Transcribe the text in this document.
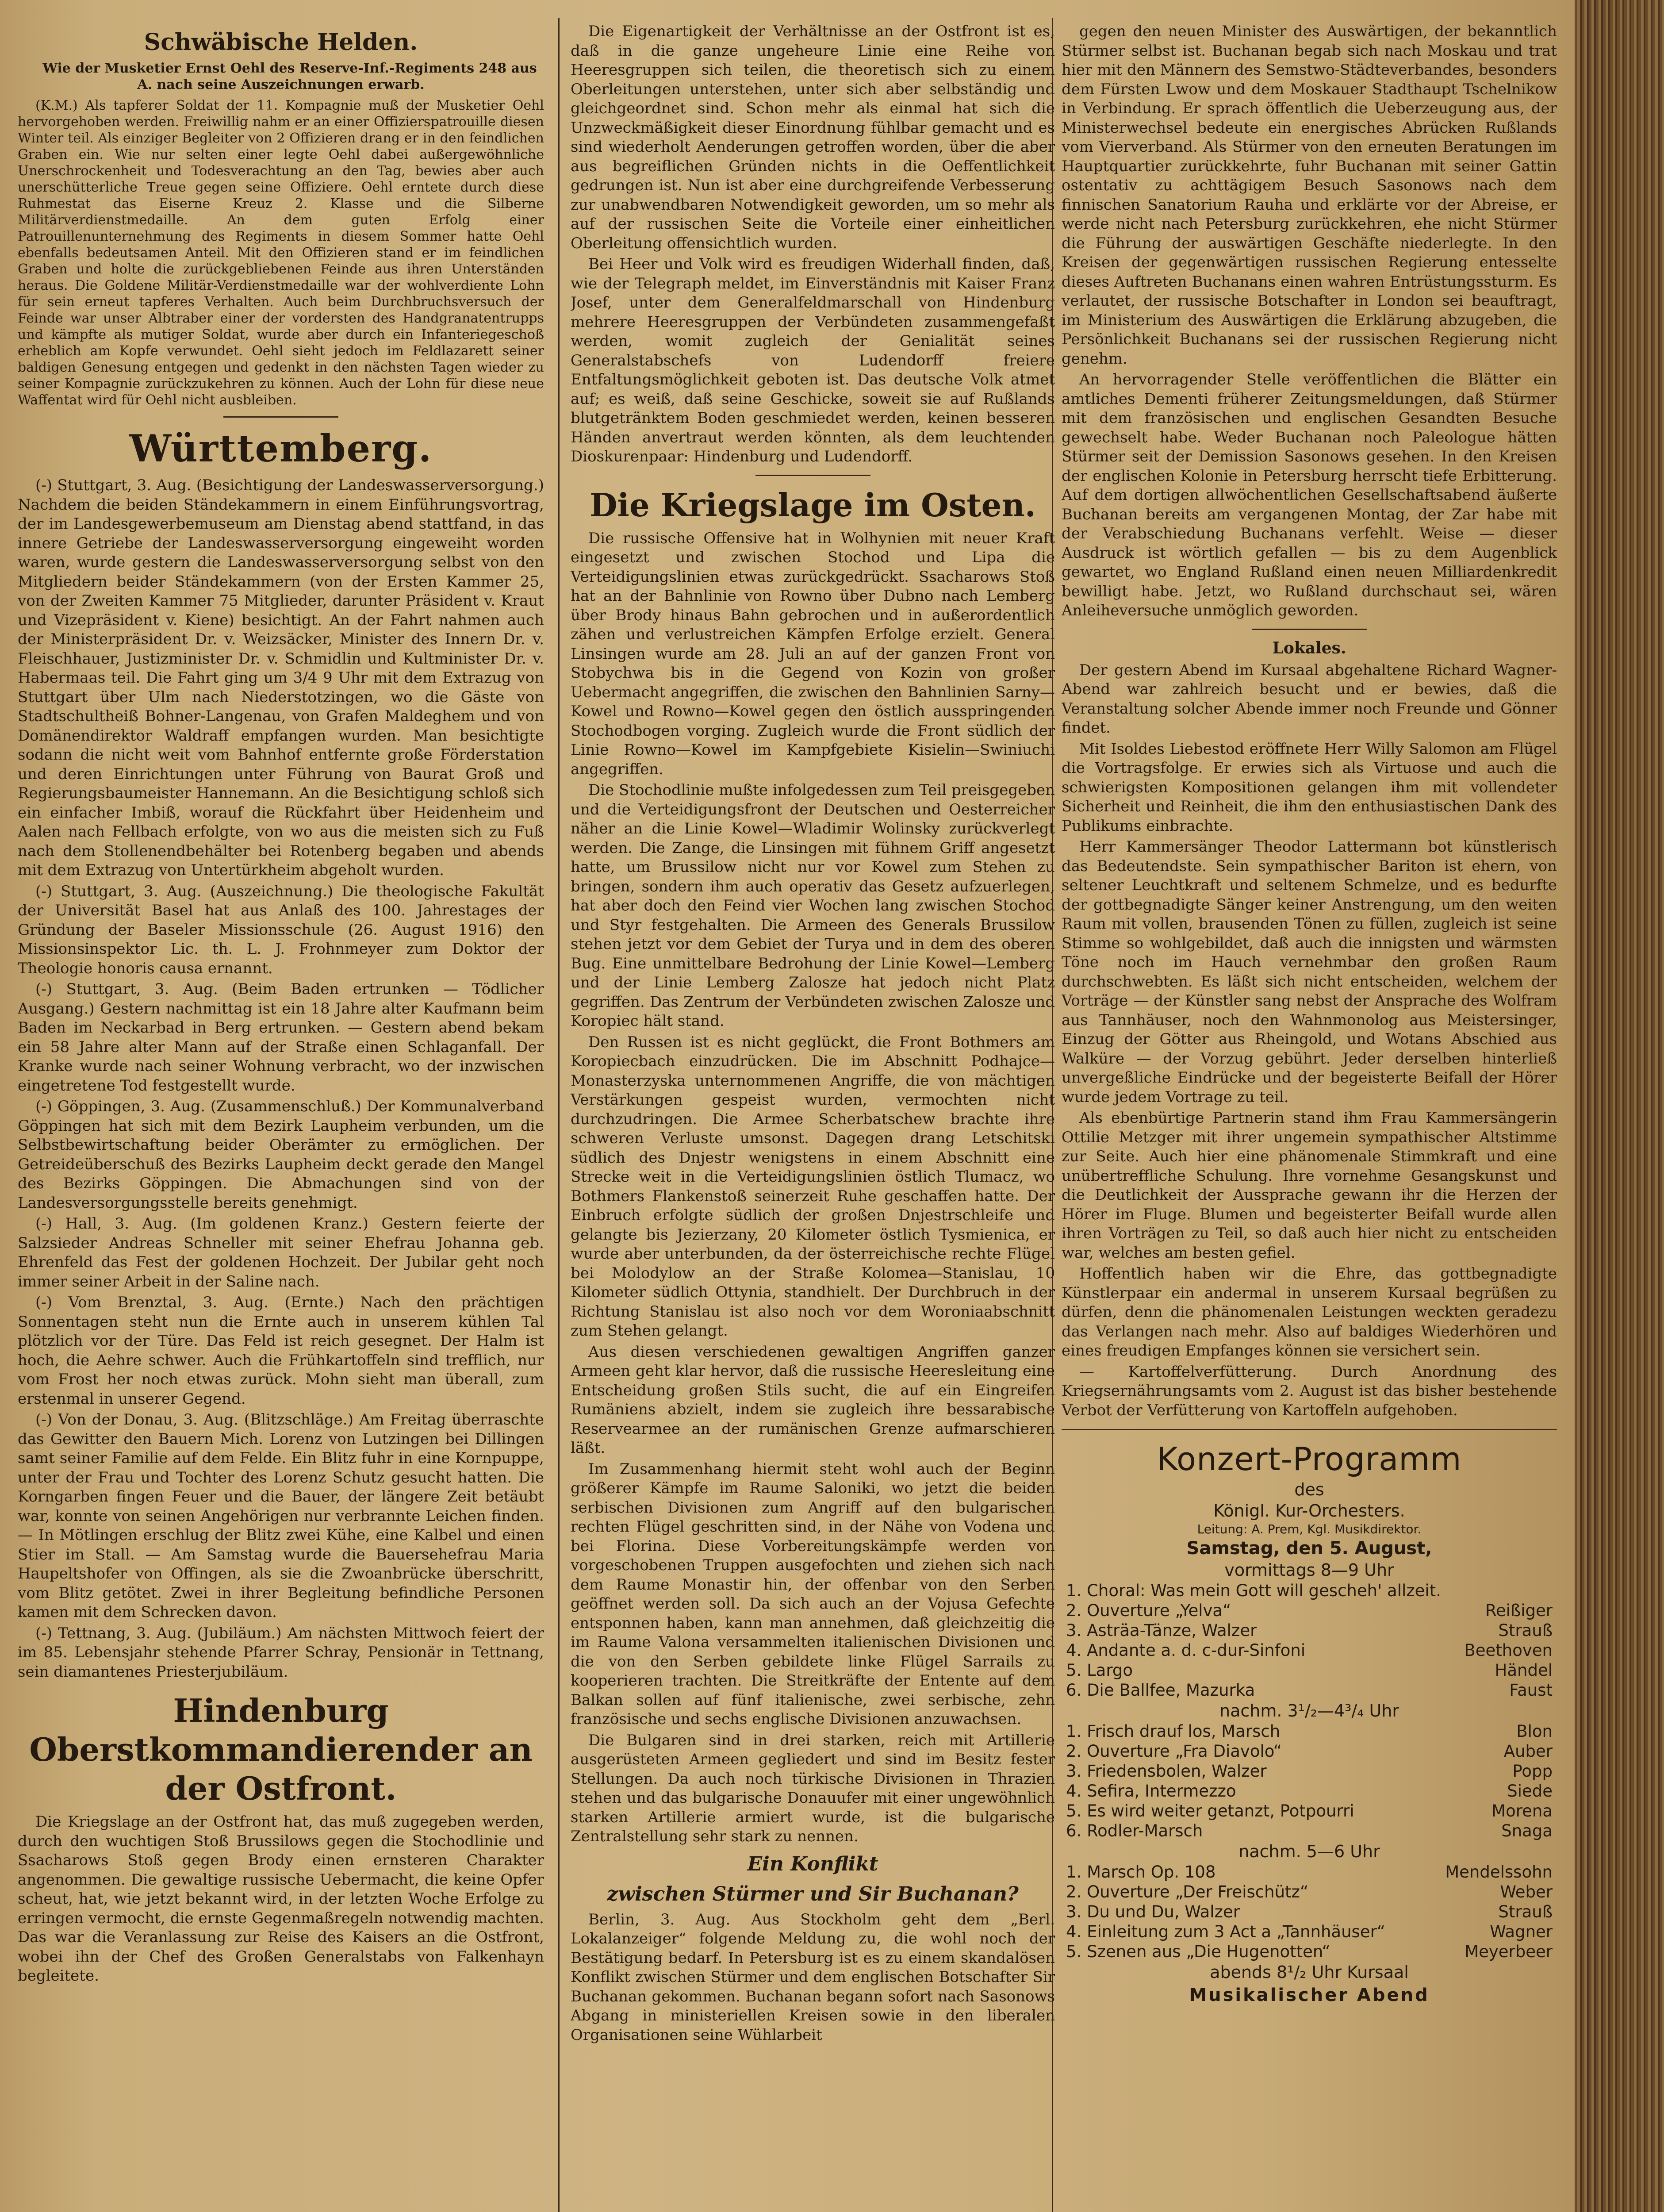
Schwäbische Helden.

Wie der Musketier Ernst Oehl des Reserve-Inf.-Regiments 248 aus A. nach seine Auszeichnungen erwarb.

(K.M.) Als tapferer Soldat der 11. Kompagnie muß der Musketier Oehl hervorgehoben werden. Freiwillig nahm er an einer Offizierspatrouille diesen Winter teil. Als einziger Begleiter von 2 Offizieren drang er in den feindlichen Graben ein. Wie nur selten einer legte Oehl dabei außergewöhnliche Unerschrockenheit und Todesverachtung an den Tag, bewies aber auch unerschütterliche Treue gegen seine Offiziere. Oehl erntete durch diese Ruhmestat das Eiserne Kreuz 2. Klasse und die Silberne Militärverdienstmedaille. An dem guten Erfolg einer Patrouillenunternehmung des Regiments in diesem Sommer hatte Oehl ebenfalls bedeutsamen Anteil. Mit den Offizieren stand er im feindlichen Graben und holte die zurückgebliebenen Feinde aus ihren Unterständen heraus. Die Goldene Militär-Verdienstmedaille war der wohlverdiente Lohn für sein erneut tapferes Verhalten. Auch beim Durchbruchsversuch der Feinde war unser Albtraber einer der vordersten des Handgranatentrupps und kämpfte als mutiger Soldat, wurde aber durch ein Infanteriegeschoß erheblich am Kopfe verwundet. Oehl sieht jedoch im Feldlazarett seiner baldigen Genesung entgegen und gedenkt in den nächsten Tagen wieder zu seiner Kompagnie zurückzukehren zu können. Auch der Lohn für diese neue Waffentat wird für Oehl nicht ausbleiben.

Württemberg.

(-) Stuttgart, 3. Aug. (Besichtigung der Landeswasserversorgung.) Nachdem die beiden Ständekammern in einem Einführungsvortrag, der im Landesgewerbemuseum am Dienstag abend stattfand, in das innere Getriebe der Landeswasserversorgung eingeweiht worden waren, wurde gestern die Landeswasserversorgung selbst von den Mitgliedern beider Ständekammern (von der Ersten Kammer 25, von der Zweiten Kammer 75 Mitglieder, darunter Präsident v. Kraut und Vizepräsident v. Kiene) besichtigt. An der Fahrt nahmen auch der Ministerpräsident Dr. v. Weizsäcker, Minister des Innern Dr. v. Fleischhauer, Justizminister Dr. v. Schmidlin und Kultminister Dr. v. Habermaas teil. Die Fahrt ging um 3/4 9 Uhr mit dem Extrazug von Stuttgart über Ulm nach Niederstotzingen, wo die Gäste von Stadtschultheiß Bohner-Langenau, von Grafen Maldeghem und von Domänendirektor Waldraff empfangen wurden. Man besichtigte sodann die nicht weit vom Bahnhof entfernte große Förderstation und deren Einrichtungen unter Führung von Baurat Groß und Regierungsbaumeister Hannemann. An die Besichtigung schloß sich ein einfacher Imbiß, worauf die Rückfahrt über Heidenheim und Aalen nach Fellbach erfolgte, von wo aus die meisten sich zu Fuß nach dem Stollenendbehälter bei Rotenberg begaben und abends mit dem Extrazug von Untertürkheim abgeholt wurden.

(-) Stuttgart, 3. Aug. (Auszeichnung.) Die theologische Fakultät der Universität Basel hat aus Anlaß des 100. Jahrestages der Gründung der Baseler Missionsschule (26. August 1916) den Missionsinspektor Lic. th. L. J. Frohnmeyer zum Doktor der Theologie honoris causa ernannt.

(-) Stuttgart, 3. Aug. (Beim Baden ertrunken — Tödlicher Ausgang.) Gestern nachmittag ist ein 18 Jahre alter Kaufmann beim Baden im Neckarbad in Berg ertrunken. — Gestern abend bekam ein 58 Jahre alter Mann auf der Straße einen Schlaganfall. Der Kranke wurde nach seiner Wohnung verbracht, wo der inzwischen eingetretene Tod festgestellt wurde.

(-) Göppingen, 3. Aug. (Zusammenschluß.) Der Kommunalverband Göppingen hat sich mit dem Bezirk Laupheim verbunden, um die Selbstbewirtschaftung beider Oberämter zu ermöglichen. Der Getreideüberschuß des Bezirks Laupheim deckt gerade den Mangel des Bezirks Göppingen. Die Abmachungen sind von der Landesversorgungsstelle bereits genehmigt.

(-) Hall, 3. Aug. (Im goldenen Kranz.) Gestern feierte der Salzsieder Andreas Schneller mit seiner Ehefrau Johanna geb. Ehrenfeld das Fest der goldenen Hochzeit. Der Jubilar geht noch immer seiner Arbeit in der Saline nach.

(-) Vom Brenztal, 3. Aug. (Ernte.) Nach den prächtigen Sonnentagen steht nun die Ernte auch in unserem kühlen Tal plötzlich vor der Türe. Das Feld ist reich gesegnet. Der Halm ist hoch, die Aehre schwer. Auch die Frühkartoffeln sind trefflich, nur vom Frost her noch etwas zurück. Mohn sieht man überall, zum erstenmal in unserer Gegend.

(-) Von der Donau, 3. Aug. (Blitzschläge.) Am Freitag überraschte das Gewitter den Bauern Mich. Lorenz von Lutzingen bei Dillingen samt seiner Familie auf dem Felde. Ein Blitz fuhr in eine Kornpuppe, unter der Frau und Tochter des Lorenz Schutz gesucht hatten. Die Korngarben fingen Feuer und die Bauer, der längere Zeit betäubt war, konnte von seinen Angehörigen nur verbrannte Leichen finden. — In Mötlingen erschlug der Blitz zwei Kühe, eine Kalbel und einen Stier im Stall. — Am Samstag wurde die Bauersehefrau Maria Haupeltshofer von Offingen, als sie die Zwoanbrücke überschritt, vom Blitz getötet. Zwei in ihrer Begleitung befindliche Personen kamen mit dem Schrecken davon.

(-) Tettnang, 3. Aug. (Jubiläum.) Am nächsten Mittwoch feiert der im 85. Lebensjahr stehende Pfarrer Schray, Pensionär in Tettnang, sein diamantenes Priesterjubiläum.

Hindenburg Oberstkommandierender an der Ostfront.

Die Kriegslage an der Ostfront hat, das muß zugegeben werden, durch den wuchtigen Stoß Brussilows gegen die Stochodlinie und Ssacharows Stoß gegen Brody einen ernsteren Charakter angenommen. Die gewaltige russische Uebermacht, die keine Opfer scheut, hat, wie jetzt bekannt wird, in der letzten Woche Erfolge zu erringen vermocht, die ernste Gegenmaßregeln notwendig machten. Das war die Veranlassung zur Reise des Kaisers an die Ostfront, wobei ihn der Chef des Großen Generalstabs von Falkenhayn begleitete.

Die Eigenartigkeit der Verhältnisse an der Ostfront ist es, daß in die ganze ungeheure Linie eine Reihe von Heeresgruppen sich teilen, die theoretisch sich zu einem Oberleitungen unterstehen, unter sich aber selbständig und gleichgeordnet sind. Schon mehr als einmal hat sich die Unzweckmäßigkeit dieser Einordnung fühlbar gemacht und es sind wiederholt Aenderungen getroffen worden, über die aber aus begreiflichen Gründen nichts in die Oeffentlichkeit gedrungen ist. Nun ist aber eine durchgreifende Verbesserung zur unabwendbaren Notwendigkeit geworden, um so mehr als auf der russischen Seite die Vorteile einer einheitlichen Oberleitung offensichtlich wurden.

Bei Heer und Volk wird es freudigen Widerhall finden, daß, wie der Telegraph meldet, im Einverständnis mit Kaiser Franz Josef, unter dem Generalfeldmarschall von Hindenburg mehrere Heeresgruppen der Verbündeten zusammengefaßt werden, womit zugleich der Genialität seines Generalstabschefs von Ludendorff freiere Entfaltungsmöglichkeit geboten ist. Das deutsche Volk atmet auf; es weiß, daß seine Geschicke, soweit sie auf Rußlands blutgetränktem Boden geschmiedet werden, keinen besseren Händen anvertraut werden könnten, als dem leuchtenden Dioskurenpaar: Hindenburg und Ludendorff.

Die Kriegslage im Osten.

Die russische Offensive hat in Wolhynien mit neuer Kraft eingesetzt und zwischen Stochod und Lipa die Verteidigungslinien etwas zurückgedrückt. Ssacharows Stoß hat an der Bahnlinie von Rowno über Dubno nach Lemberg über Brody hinaus Bahn gebrochen und in außerordentlich zähen und verlustreichen Kämpfen Erfolge erzielt. General Linsingen wurde am 28. Juli an auf der ganzen Front von Stobychwa bis in die Gegend von Kozin von großer Uebermacht angegriffen, die zwischen den Bahnlinien Sarny—Kowel und Rowno—Kowel gegen den östlich ausspringenden Stochodbogen vorging. Zugleich wurde die Front südlich der Linie Rowno—Kowel im Kampfgebiete Kisielin—Swiniuchi angegriffen.

Die Stochodlinie mußte infolgedessen zum Teil preisgegeben und die Verteidigungsfront der Deutschen und Oesterreicher näher an die Linie Kowel—Wladimir Wolinsky zurückverlegt werden. Die Zange, die Linsingen mit fühnem Griff angesetzt hatte, um Brussilow nicht nur vor Kowel zum Stehen zu bringen, sondern ihm auch operativ das Gesetz aufzuerlegen, hat aber doch den Feind vier Wochen lang zwischen Stochod und Styr festgehalten. Die Armeen des Generals Brussilow stehen jetzt vor dem Gebiet der Turya und in dem des oberen Bug. Eine unmittelbare Bedrohung der Linie Kowel—Lemberg und der Linie Lemberg Zalosze hat jedoch nicht Platz gegriffen. Das Zentrum der Verbündeten zwischen Zalosze und Koropiec hält stand.

Den Russen ist es nicht geglückt, die Front Bothmers am Koropiecbach einzudrücken. Die im Abschnitt Podhajce—Monasterzyska unternommenen Angriffe, die von mächtigen Verstärkungen gespeist wurden, vermochten nicht durchzudringen. Die Armee Scherbatschew brachte ihre schweren Verluste umsonst. Dagegen drang Letschitski südlich des Dnjestr wenigstens in einem Abschnitt eine Strecke weit in die Verteidigungslinien östlich Tlumacz, wo Bothmers Flankenstoß seinerzeit Ruhe geschaffen hatte. Der Einbruch erfolgte südlich der großen Dnjestrschleife und gelangte bis Jezierzany, 20 Kilometer östlich Tysmienica, er wurde aber unterbunden, da der österreichische rechte Flügel bei Molodylow an der Straße Kolomea—Stanislau, 10 Kilometer südlich Ottynia, standhielt. Der Durchbruch in der Richtung Stanislau ist also noch vor dem Woroniaabschnitt zum Stehen gelangt.

Aus diesen verschiedenen gewaltigen Angriffen ganzer Armeen geht klar hervor, daß die russische Heeresleitung eine Entscheidung großen Stils sucht, die auf ein Eingreifen Rumäniens abzielt, indem sie zugleich ihre bessarabische Reservearmee an der rumänischen Grenze aufmarschieren läßt.

Im Zusammenhang hiermit steht wohl auch der Beginn größerer Kämpfe im Raume Saloniki, wo jetzt die beiden serbischen Divisionen zum Angriff auf den bulgarischen rechten Flügel geschritten sind, in der Nähe von Vodena und bei Florina. Diese Vorbereitungskämpfe werden von vorgeschobenen Truppen ausgefochten und ziehen sich nach dem Raume Monastir hin, der offenbar von den Serben geöffnet werden soll. Da sich auch an der Vojusa Gefechte entsponnen haben, kann man annehmen, daß gleichzeitig die im Raume Valona versammelten italienischen Divisionen und die von den Serben gebildete linke Flügel Sarrails zu kooperieren trachten. Die Streitkräfte der Entente auf dem Balkan sollen auf fünf italienische, zwei serbische, zehn französische und sechs englische Divisionen anzuwachsen.

Die Bulgaren sind in drei starken, reich mit Artillerie ausgerüsteten Armeen gegliedert und sind im Besitz fester Stellungen. Da auch noch türkische Divisionen in Thrazien stehen und das bulgarische Donauufer mit einer ungewöhnlich starken Artillerie armiert wurde, ist die bulgarische Zentralstellung sehr stark zu nennen.

Ein Konflikt
zwischen Stürmer und Sir Buchanan?

Berlin, 3. Aug. Aus Stockholm geht dem „Berl. Lokalanzeiger“ folgende Meldung zu, die wohl noch der Bestätigung bedarf. In Petersburg ist es zu einem skandalösen Konflikt zwischen Stürmer und dem englischen Botschafter Sir Buchanan gekommen. Buchanan begann sofort nach Sasonows Abgang in ministeriellen Kreisen sowie in den liberalen Organisationen seine Wühlarbeit

gegen den neuen Minister des Auswärtigen, der bekanntlich Stürmer selbst ist. Buchanan begab sich nach Moskau und trat hier mit den Männern des Semstwo-Städteverbandes, besonders dem Fürsten Lwow und dem Moskauer Stadthaupt Tschelnikow in Verbindung. Er sprach öffentlich die Ueberzeugung aus, der Ministerwechsel bedeute ein energisches Abrücken Rußlands vom Vierverband. Als Stürmer von den erneuten Beratungen im Hauptquartier zurückkehrte, fuhr Buchanan mit seiner Gattin ostentativ zu achttägigem Besuch Sasonows nach dem finnischen Sanatorium Rauha und erklärte vor der Abreise, er werde nicht nach Petersburg zurückkehren, ehe nicht Stürmer die Führung der auswärtigen Geschäfte niederlegte. In den Kreisen der gegenwärtigen russischen Regierung entesselte dieses Auftreten Buchanans einen wahren Entrüstungssturm. Es verlautet, der russische Botschafter in London sei beauftragt, im Ministerium des Auswärtigen die Erklärung abzugeben, die Persönlichkeit Buchanans sei der russischen Regierung nicht genehm.

An hervorragender Stelle veröffentlichen die Blätter ein amtliches Dementi früherer Zeitungsmeldungen, daß Stürmer mit dem französischen und englischen Gesandten Besuche gewechselt habe. Weder Buchanan noch Paleologue hätten Stürmer seit der Demission Sasonows gesehen. In den Kreisen der englischen Kolonie in Petersburg herrscht tiefe Erbitterung. Auf dem dortigen allwöchentlichen Gesellschaftsabend äußerte Buchanan bereits am vergangenen Montag, der Zar habe mit der Verabschiedung Buchanans verfehlt. Weise — dieser Ausdruck ist wörtlich gefallen — bis zu dem Augenblick gewartet, wo England Rußland einen neuen Milliardenkredit bewilligt habe. Jetzt, wo Rußland durchschaut sei, wären Anleiheversuche unmöglich geworden.

Lokales.

Der gestern Abend im Kursaal abgehaltene Richard Wagner-Abend war zahlreich besucht und er bewies, daß die Veranstaltung solcher Abende immer noch Freunde und Gönner findet.

Mit Isoldes Liebestod eröffnete Herr Willy Salomon am Flügel die Vortragsfolge. Er erwies sich als Virtuose und auch die schwierigsten Kompositionen gelangen ihm mit vollendeter Sicherheit und Reinheit, die ihm den enthusiastischen Dank des Publikums einbrachte.

Herr Kammersänger Theodor Lattermann bot künstlerisch das Bedeutendste. Sein sympathischer Bariton ist ehern, von seltener Leuchtkraft und seltenem Schmelze, und es bedurfte der gottbegnadigte Sänger keiner Anstrengung, um den weiten Raum mit vollen, brausenden Tönen zu füllen, zugleich ist seine Stimme so wohlgebildet, daß auch die innigsten und wärmsten Töne noch im Hauch vernehmbar den großen Raum durchschwebten. Es läßt sich nicht entscheiden, welchem der Vorträge — der Künstler sang nebst der Ansprache des Wolfram aus Tannhäuser, noch den Wahnmonolog aus Meistersinger, Einzug der Götter aus Rheingold, und Wotans Abschied aus Walküre — der Vorzug gebührt. Jeder derselben hinterließ unvergeßliche Eindrücke und der begeisterte Beifall der Hörer wurde jedem Vortrage zu teil.

Als ebenbürtige Partnerin stand ihm Frau Kammersängerin Ottilie Metzger mit ihrer ungemein sympathischer Altstimme zur Seite. Auch hier eine phänomenale Stimmkraft und eine unübertreffliche Schulung. Ihre vornehme Gesangskunst und die Deutlichkeit der Aussprache gewann ihr die Herzen der Hörer im Fluge. Blumen und begeisterter Beifall wurde allen ihren Vorträgen zu Teil, so daß auch hier nicht zu entscheiden war, welches am besten gefiel.

Hoffentlich haben wir die Ehre, das gottbegnadigte Künstlerpaar ein andermal in unserem Kursaal begrüßen zu dürfen, denn die phänomenalen Leistungen weckten geradezu das Verlangen nach mehr. Also auf baldiges Wiederhören und eines freudigen Empfanges können sie versichert sein.

— Kartoffelverfütterung. Durch Anordnung des Kriegsernährungsamts vom 2. August ist das bisher bestehende Verbot der Verfütterung von Kartoffeln aufgehoben.

Konzert-Programm
des
Königl. Kur-Orchesters.
Leitung: A. Prem, Kgl. Musikdirektor.
Samstag, den 5. August,
vormittags 8—9 Uhr
1. Choral: Was mein Gott will gescheh' allzeit.
2. Ouverture „Yelva“	Reißiger
3. Asträa-Tänze, Walzer	Strauß
4. Andante a. d. c-dur-Sinfoni	Beethoven
5. Largo	Händel
6. Die Ballfee, Mazurka	Faust
nachm. 3¹/₂—4³/₄ Uhr
1. Frisch drauf los, Marsch	Blon
2. Ouverture „Fra Diavolo“	Auber
3. Friedensbolen, Walzer	Popp
4. Sefira, Intermezzo	Siede
5. Es wird weiter getanzt, Potpourri	Morena
6. Rodler-Marsch	Snaga
nachm. 5—6 Uhr
1. Marsch Op. 108	Mendelssohn
2. Ouverture „Der Freischütz“	Weber
3. Du und Du, Walzer	Strauß
4. Einleitung zum 3 Act a „Tannhäuser“	Wagner
5. Szenen aus „Die Hugenotten“	Meyerbeer
abends 8¹/₂ Uhr Kursaal
Musikalischer Abend
